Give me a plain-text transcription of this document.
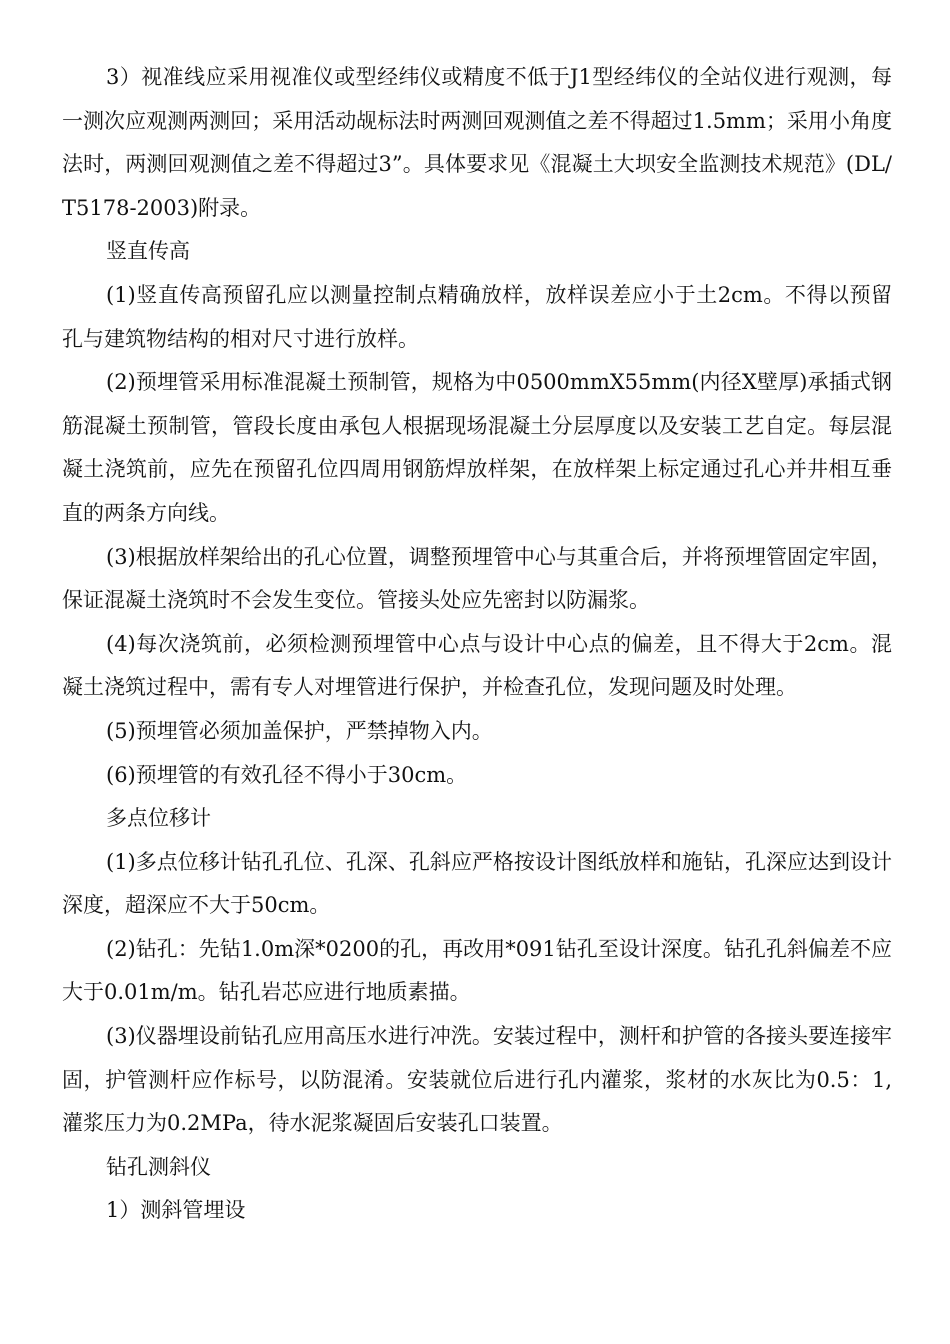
3）视准线应采用视准仪或型经纬仪或精度不低于J1型经纬仪的全站仪进行观测，每一测次应观测两测回；采用活动觇标法时两测回观测值之差不得超过1.5mm；采用小角度法时，两测回观测值之差不得超过3”。具体要求见《混凝土大坝安全监测技术规范》(DL/T5178-2003)附录。

竖直传高

(1)竖直传高预留孔应以测量控制点精确放样，放样误差应小于土2cm。不得以预留孔与建筑物结构的相对尺寸进行放样。

(2)预埋管采用标准混凝土预制管，规格为中0500mmX55mm(内径X壁厚)承插式钢筋混凝土预制管，管段长度由承包人根据现场混凝土分层厚度以及安装工艺自定。每层混凝土浇筑前，应先在预留孔位四周用钢筋焊放样架，在放样架上标定通过孔心并井相互垂直的两条方向线。

(3)根据放样架给出的孔心位置，调整预埋管中心与其重合后，并将预埋管固定牢固，保证混凝土浇筑时不会发生变位。管接头处应先密封以防漏浆。

(4)每次浇筑前，必须检测预埋管中心点与设计中心点的偏差，且不得大于2cm。混凝土浇筑过程中，需有专人对埋管进行保护，并检查孔位，发现问题及时处理。

(5)预埋管必须加盖保护，严禁掉物入内。

(6)预埋管的有效孔径不得小于30cm。

多点位移计

(1)多点位移计钻孔孔位、孔深、孔斜应严格按设计图纸放样和施钻，孔深应达到设计深度，超深应不大于50cm。

(2)钻孔：先钻1.0m深*0200的孔，再改用*091钻孔至设计深度。钻孔孔斜偏差不应大于0.01m/m。钻孔岩芯应进行地质素描。

(3)仪器埋设前钻孔应用高压水进行冲洗。安装过程中，测杆和护管的各接头要连接牢固，护管测杆应作标号，以防混淆。安装就位后进行孔内灌浆，浆材的水灰比为0.5：1,灌浆压力为0.2MPa，待水泥浆凝固后安装孔口装置。

钻孔测斜仪

1）测斜管埋设
